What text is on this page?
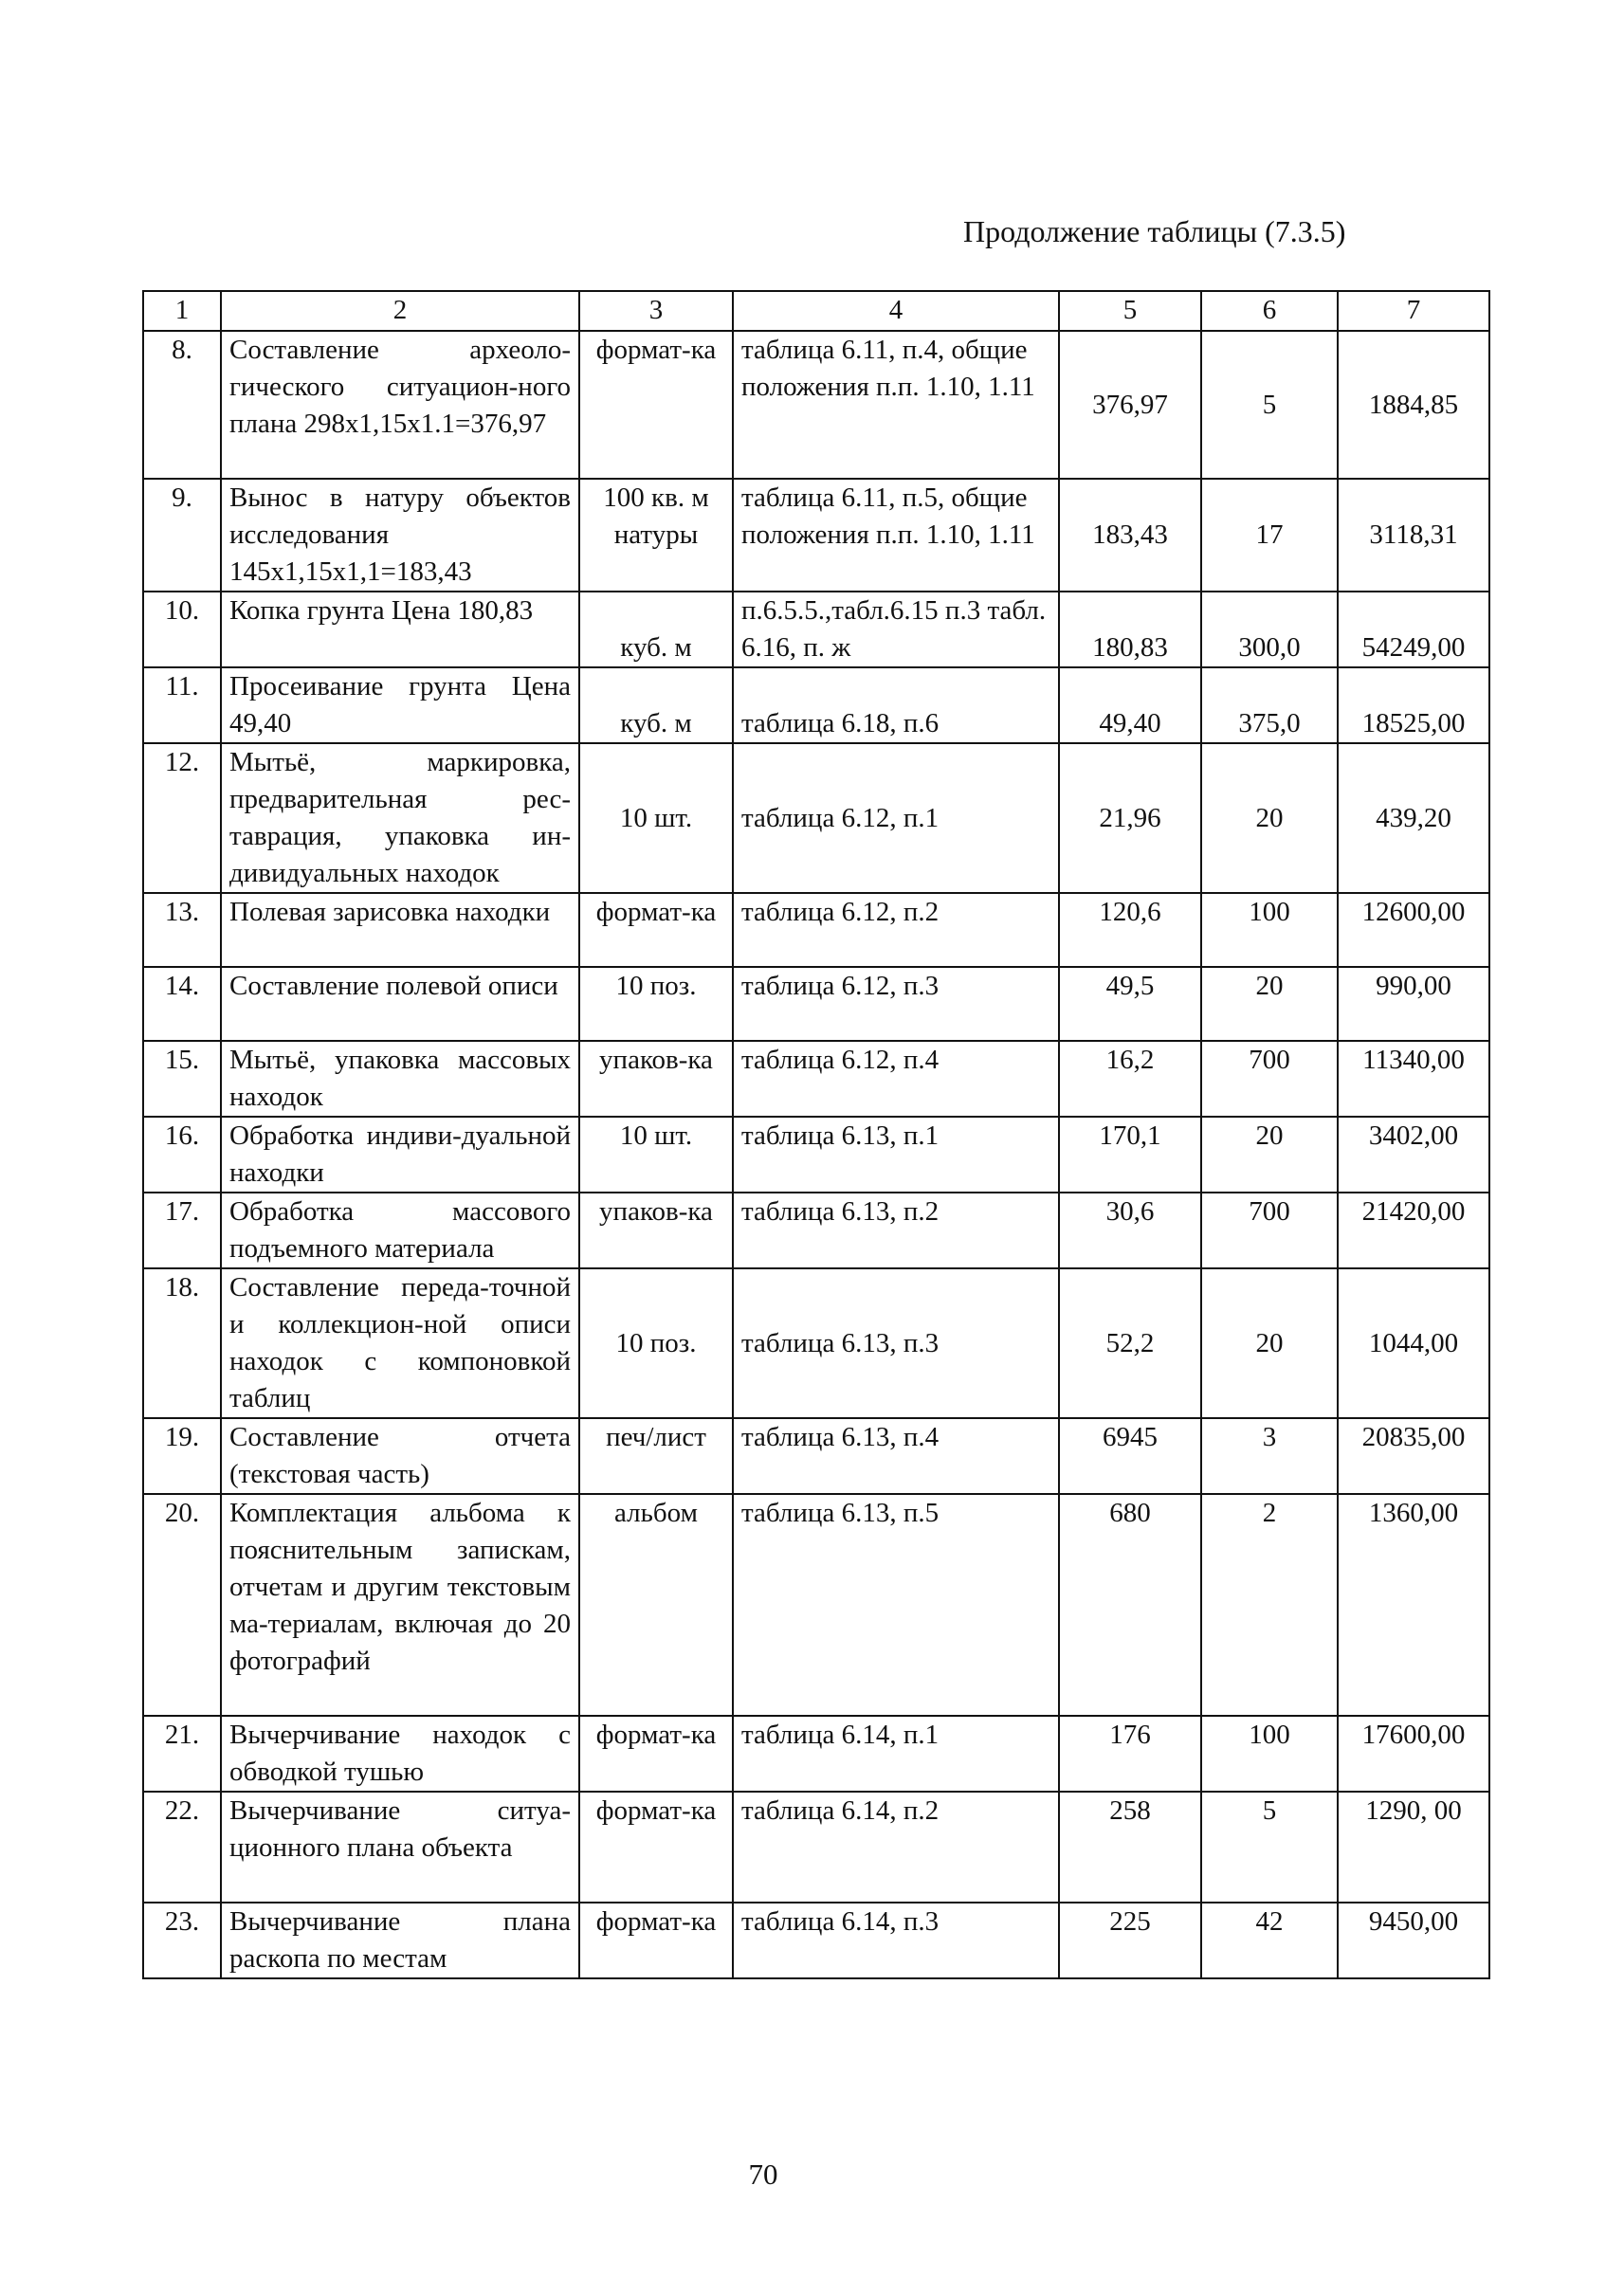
Продолжение таблицы (7.3.5)
1	2	3	4	5	6	7
8.	Составление археоло-гического ситуацион-ного плана 298х1,15х1.1=376,97	формат-ка	таблица 6.11, п.4, общие положения п.п. 1.10, 1.11	376,97	5	1884,85
9.	Вынос в натуру объектов исследования 145х1,15х1,1=183,43	100 кв. м натуры	таблица 6.11, п.5, общие положения п.п. 1.10, 1.11	183,43	17	3118,31
10.	Копка грунта Цена 180,83	куб. м	п.6.5.5.,табл.6.15 п.3 табл. 6.16, п. ж	180,83	300,0	54249,00
11.	Просеивание грунта Цена 49,40	куб. м	таблица 6.18, п.6	49,40	375,0	18525,00
12.	Мытьё, маркировка, предварительная рес-таврация, упаковка ин-дивидуальных находок	10 шт.	таблица 6.12, п.1	21,96	20	439,20
13.	Полевая зарисовка находки	формат-ка	таблица 6.12, п.2	120,6	100	12600,00
14.	Составление полевой описи	10 поз.	таблица 6.12, п.3	49,5	20	990,00
15.	Мытьё, упаковка массовых находок	упаков-ка	таблица 6.12, п.4	16,2	700	11340,00
16.	Обработка индиви-дуальной находки	10 шт.	таблица 6.13, п.1	170,1	20	3402,00
17.	Обработка массового подъемного материала	упаков-ка	таблица 6.13, п.2	30,6	700	21420,00
18.	Составление переда-точной и коллекцион-ной описи находок с компоновкой таблиц	10 поз.	таблица 6.13, п.3	52,2	20	1044,00
19.	Составление отчета (текстовая часть)	печ/лист	таблица 6.13, п.4	6945	3	20835,00
20.	Комплектация альбома к пояснительным запискам, отчетам и другим текстовым ма-териалам, включая до 20 фотографий	альбом	таблица 6.13, п.5	680	2	1360,00
21.	Вычерчивание находок с обводкой тушью	формат-ка	таблица 6.14, п.1	176	100	17600,00
22.	Вычерчивание ситуа-ционного плана объекта	формат-ка	таблица 6.14, п.2	258	5	1290, 00
23.	Вычерчивание плана раскопа по местам	формат-ка	таблица 6.14, п.3	225	42	9450,00
70
